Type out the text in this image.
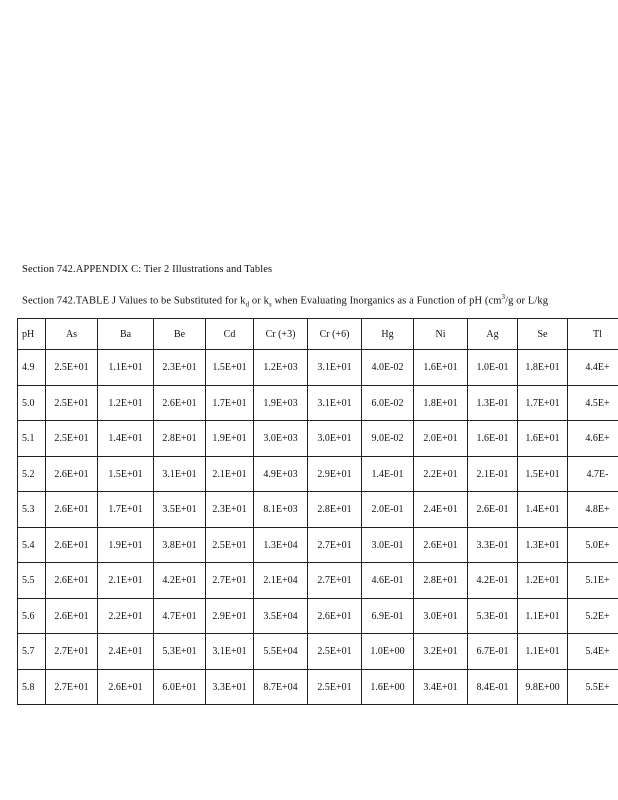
Section 742.APPENDIX C: Tier 2 Illustrations and Tables
Section 742.TABLE J Values to be Substituted for $k_d$ or $k_s$ when Evaluating Inorganics as a Function of pH ($cm^3/g$ or L/kg
pH	As	Ba	Be	Cd	Cr (+3)	Cr (+6)	Hg	Ni	Ag	Se	Tl
4.9	2.5E+01	1.1E+01	2.3E+01	1.5E+01	1.2E+03	3.1E+01	4.0E-02	1.6E+01	1.0E-01	1.8E+01	4.4E+
5.0	2.5E+01	1.2E+01	2.6E+01	1.7E+01	1.9E+03	3.1E+01	6.0E-02	1.8E+01	1.3E-01	1.7E+01	4.5E+
5.1	2.5E+01	1.4E+01	2.8E+01	1.9E+01	3.0E+03	3.0E+01	9.0E-02	2.0E+01	1.6E-01	1.6E+01	4.6E+
5.2	2.6E+01	1.5E+01	3.1E+01	2.1E+01	4.9E+03	2.9E+01	1.4E-01	2.2E+01	2.1E-01	1.5E+01	4.7E-
5.3	2.6E+01	1.7E+01	3.5E+01	2.3E+01	8.1E+03	2.8E+01	2.0E-01	2.4E+01	2.6E-01	1.4E+01	4.8E+
5.4	2.6E+01	1.9E+01	3.8E+01	2.5E+01	1.3E+04	2.7E+01	3.0E-01	2.6E+01	3.3E-01	1.3E+01	5.0E+
5.5	2.6E+01	2.1E+01	4.2E+01	2.7E+01	2.1E+04	2.7E+01	4.6E-01	2.8E+01	4.2E-01	1.2E+01	5.1E+
5.6	2.6E+01	2.2E+01	4.7E+01	2.9E+01	3.5E+04	2.6E+01	6.9E-01	3.0E+01	5.3E-01	1.1E+01	5.2E+
5.7	2.7E+01	2.4E+01	5.3E+01	3.1E+01	5.5E+04	2.5E+01	1.0E+00	3.2E+01	6.7E-01	1.1E+01	5.4E+
5.8	2.7E+01	2.6E+01	6.0E+01	3.3E+01	8.7E+04	2.5E+01	1.6E+00	3.4E+01	8.4E-01	9.8E+00	5.5E+
